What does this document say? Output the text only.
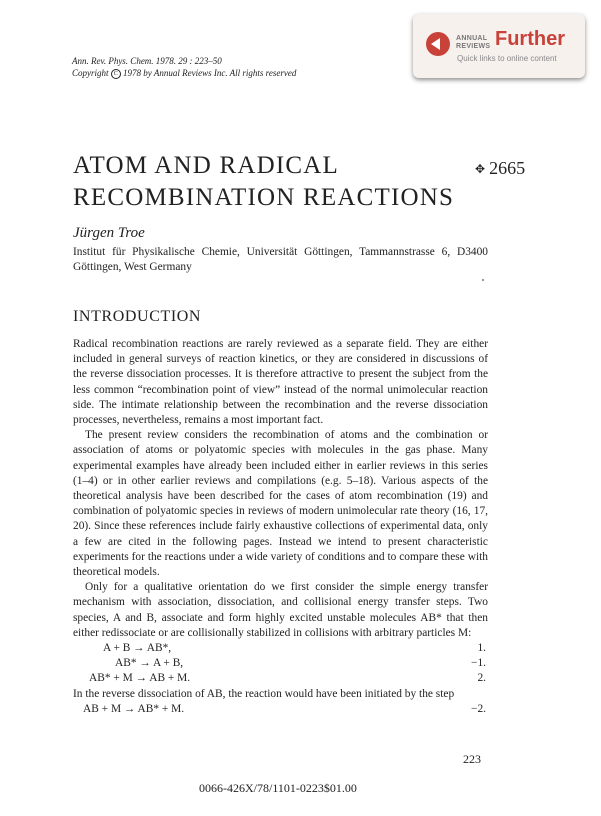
Ann. Rev. Phys. Chem. 1978. 29 : 223–50
Copyright C 1978 by Annual Reviews Inc. All rights reserved
ANNUAL
REVIEWS Further
Quick links to online content
ATOM AND RADICAL
RECOMBINATION REACTIONS
✥ 2665
Jürgen Troe
Institut für Physikalische Chemie, Universität Göttingen, Tammannstrasse 6, D3400 Göttingen, West Germany
INTRODUCTION

Radical recombination reactions are rarely reviewed as a separate field. They are either included in general surveys of reaction kinetics, or they are considered in discussions of the reverse dissociation processes. It is therefore attractive to present the subject from the less common “recombination point of view” instead of the normal unimolecular reaction side. The intimate relationship between the recombination and the reverse dissociation processes, nevertheless, remains a most important fact.

The present review considers the recombination of atoms and the combination or association of atoms or polyatomic species with molecules in the gas phase. Many experimental examples have already been included either in earlier reviews in this series (1–4) or in other earlier reviews and compilations (e.g. 5–18). Various aspects of the theoretical analysis have been described for the cases of atom recombination (19) and combination of polyatomic species in reviews of modern unimolecular rate theory (16, 17, 20). Since these references include fairly exhaustive collections of experimental data, only a few are cited in the following pages. Instead we intend to present characteristic experiments for the reactions under a wide variety of conditions and to compare these with theoretical models.

Only for a qualitative orientation do we first consider the simple energy transfer mechanism with association, dissociation, and collisional energy transfer steps. Two species, A and B, associate and form highly excited unstable molecules AB* that then either redissociate or are collisionally stabilized in collisions with arbitrary particles M:

A + B → AB*,	1.
AB* → A + B,	−1.
AB* + M → AB + M.	2.

In the reverse dissociation of AB, the reaction would have been initiated by the step

AB + M → AB* + M.	−2.
223
0066-426X/78/1101-0223$01.00
